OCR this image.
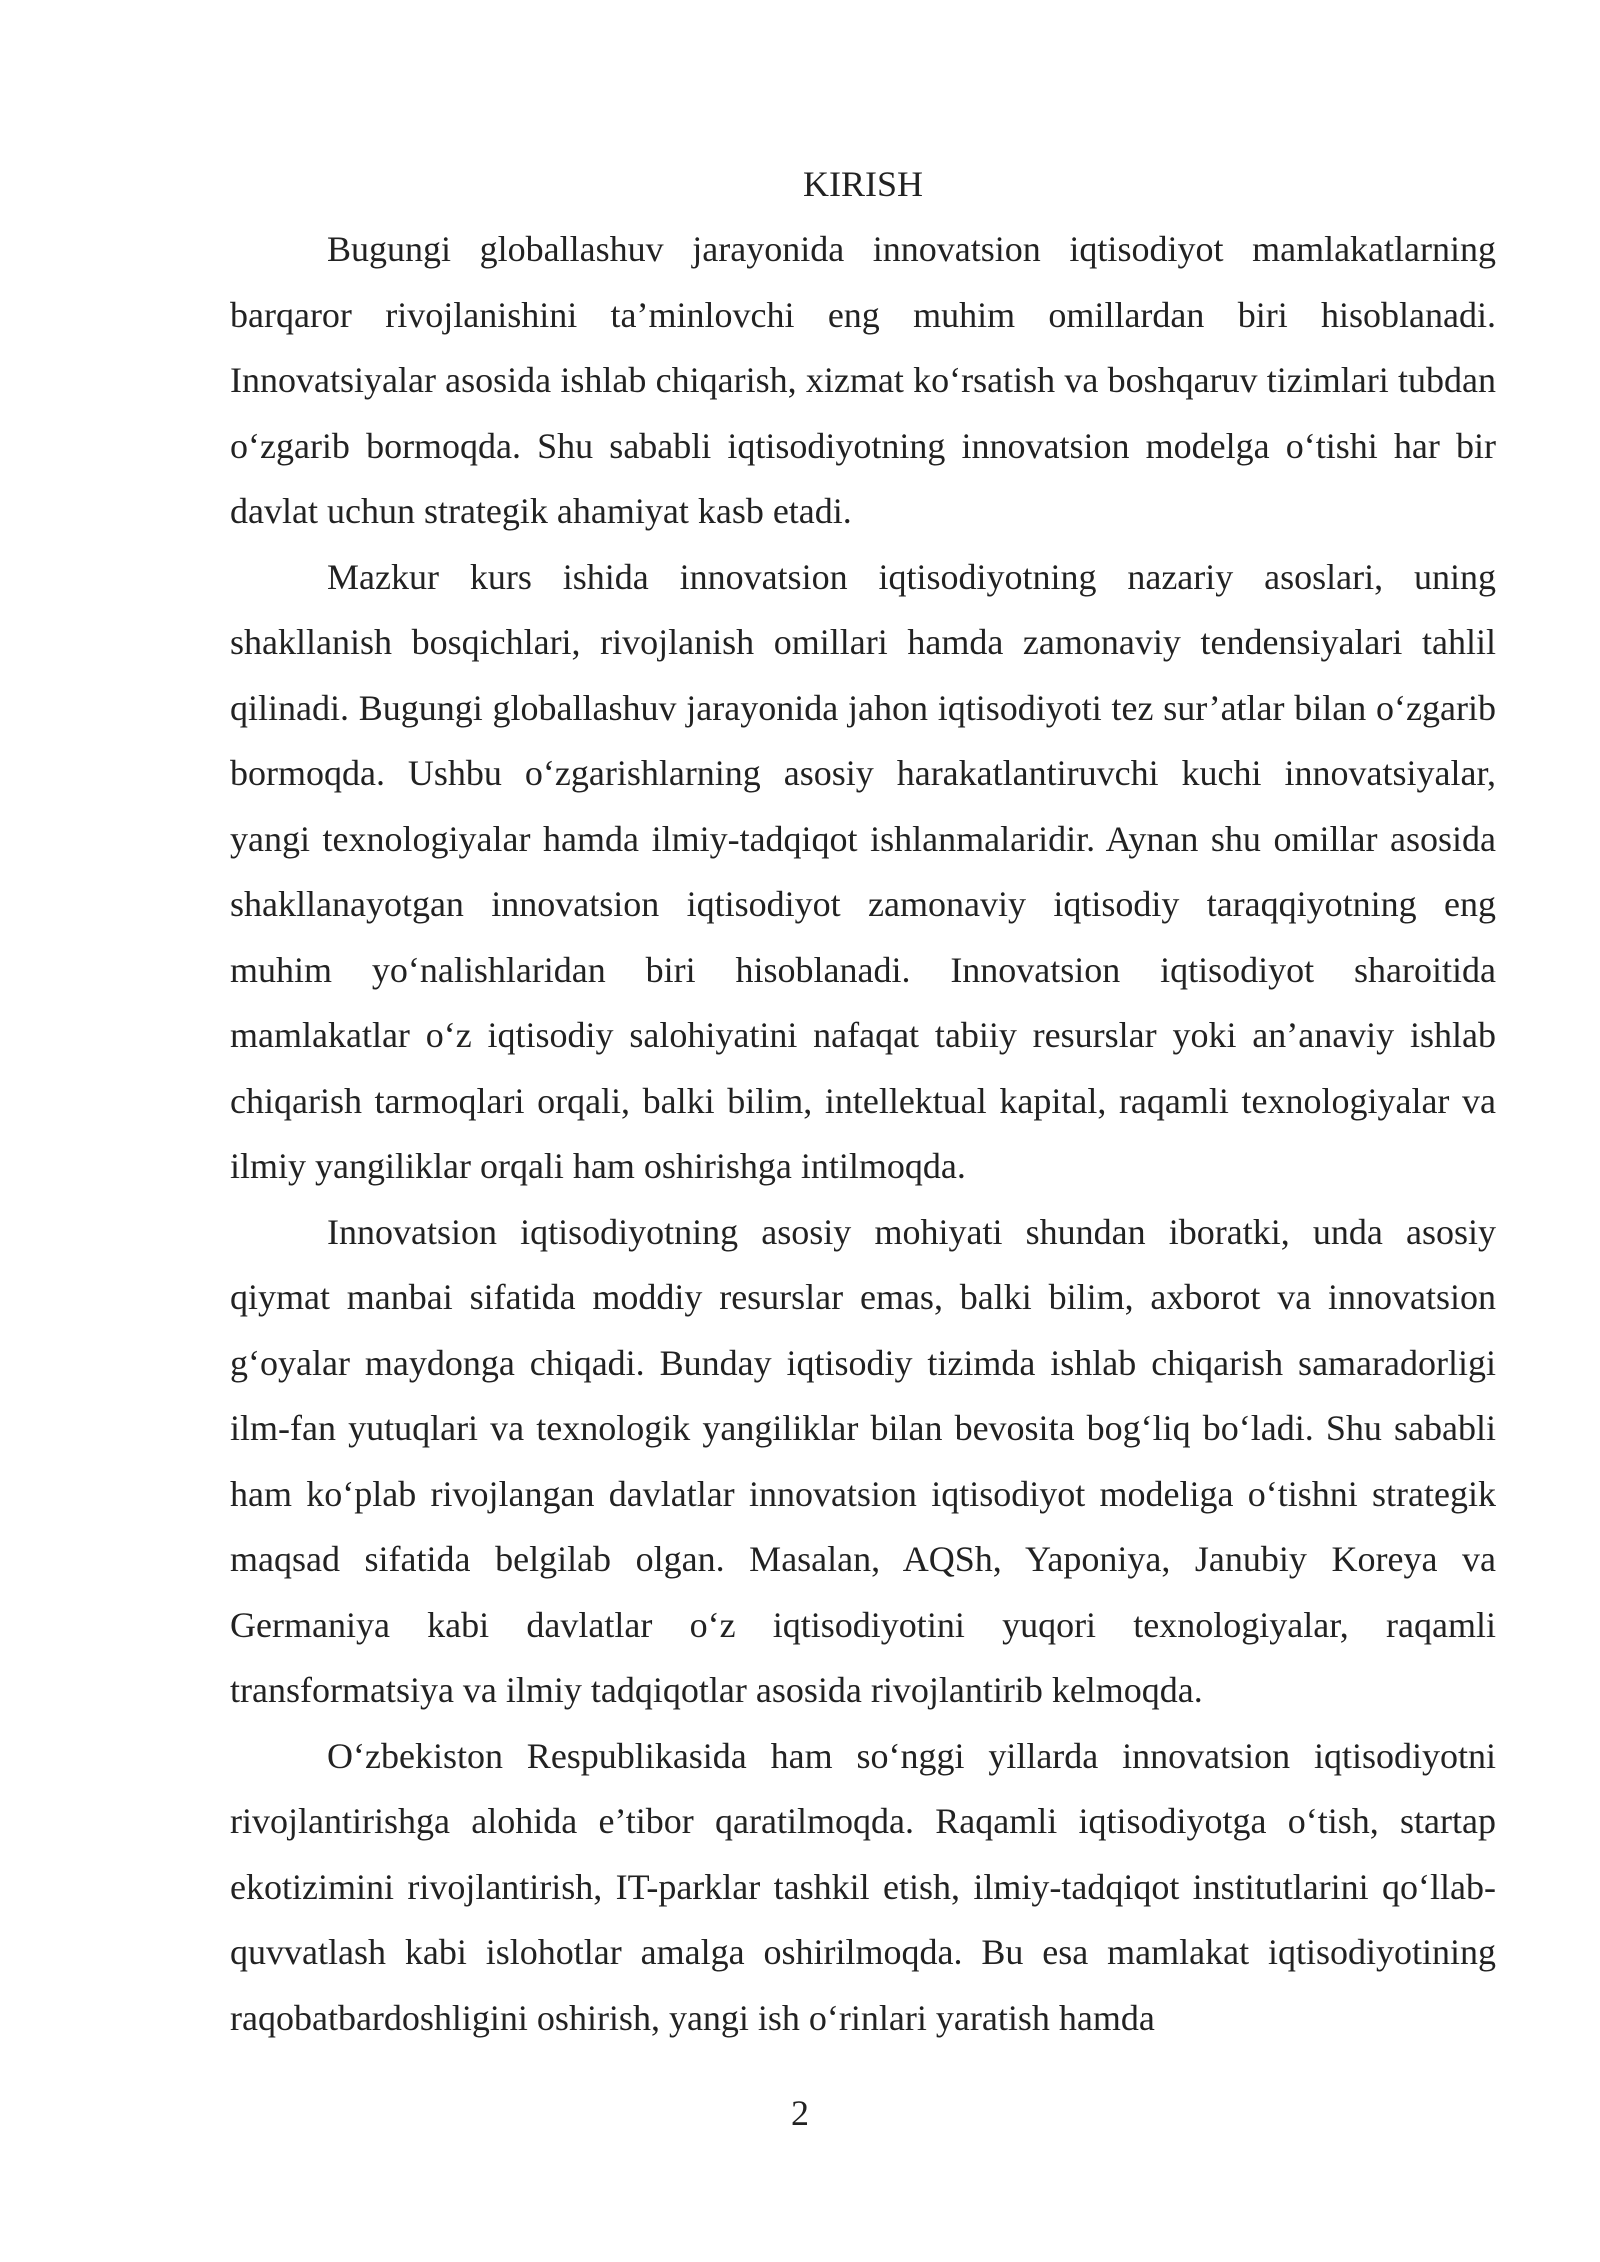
KIRISH

Bugungi globallashuv jarayonida innovatsion iqtisodiyot mamlakatlarning barqaror rivojlanishini ta’minlovchi eng muhim omillardan biri hisoblanadi. Innovatsiyalar asosida ishlab chiqarish, xizmat ko‘rsatish va boshqaruv tizimlari tubdan o‘zgarib bormoqda. Shu sababli iqtisodiyotning innovatsion modelga o‘tishi har bir davlat uchun strategik ahamiyat kasb etadi.

Mazkur kurs ishida innovatsion iqtisodiyotning nazariy asoslari, uning shakllanish bosqichlari, rivojlanish omillari hamda zamonaviy tendensiyalari tahlil qilinadi. Bugungi globallashuv jarayonida jahon iqtisodiyoti tez sur’atlar bilan o‘zgarib bormoqda. Ushbu o‘zgarishlarning asosiy harakatlantiruvchi kuchi innovatsiyalar, yangi texnologiyalar hamda ilmiy-tadqiqot ishlanmalaridir. Aynan shu omillar asosida shakllanayotgan innovatsion iqtisodiyot zamonaviy iqtisodiy taraqqiyotning eng muhim yo‘nalishlaridan biri hisoblanadi. Innovatsion iqtisodiyot sharoitida mamlakatlar o‘z iqtisodiy salohiyatini nafaqat tabiiy resurslar yoki an’anaviy ishlab chiqarish tarmoqlari orqali, balki bilim, intellektual kapital, raqamli texnologiyalar va ilmiy yangiliklar orqali ham oshirishga intilmoqda.

Innovatsion iqtisodiyotning asosiy mohiyati shundan iboratki, unda asosiy qiymat manbai sifatida moddiy resurslar emas, balki bilim, axborot va innovatsion g‘oyalar maydonga chiqadi. Bunday iqtisodiy tizimda ishlab chiqarish samaradorligi ilm-fan yutuqlari va texnologik yangiliklar bilan bevosita bog‘liq bo‘ladi. Shu sababli ham ko‘plab rivojlangan davlatlar innovatsion iqtisodiyot modeliga o‘tishni strategik maqsad sifatida belgilab olgan. Masalan, AQSh, Yaponiya, Janubiy Koreya va Germaniya kabi davlatlar o‘z iqtisodiyotini yuqori texnologiyalar, raqamli transformatsiya va ilmiy tadqiqotlar asosida rivojlantirib kelmoqda.

O‘zbekiston Respublikasida ham so‘nggi yillarda innovatsion iqtisodiyotni rivojlantirishga alohida e’tibor qaratilmoqda. Raqamli iqtisodiyotga o‘tish, startap ekotizimini rivojlantirish, IT-parklar tashkil etish, ilmiy-tadqiqot institutlarini qo‘llab-quvvatlash kabi islohotlar amalga oshirilmoqda. Bu esa mamlakat iqtisodiyotining raqobatbardoshligini oshirish, yangi ish o‘rinlari yaratish hamda

2
